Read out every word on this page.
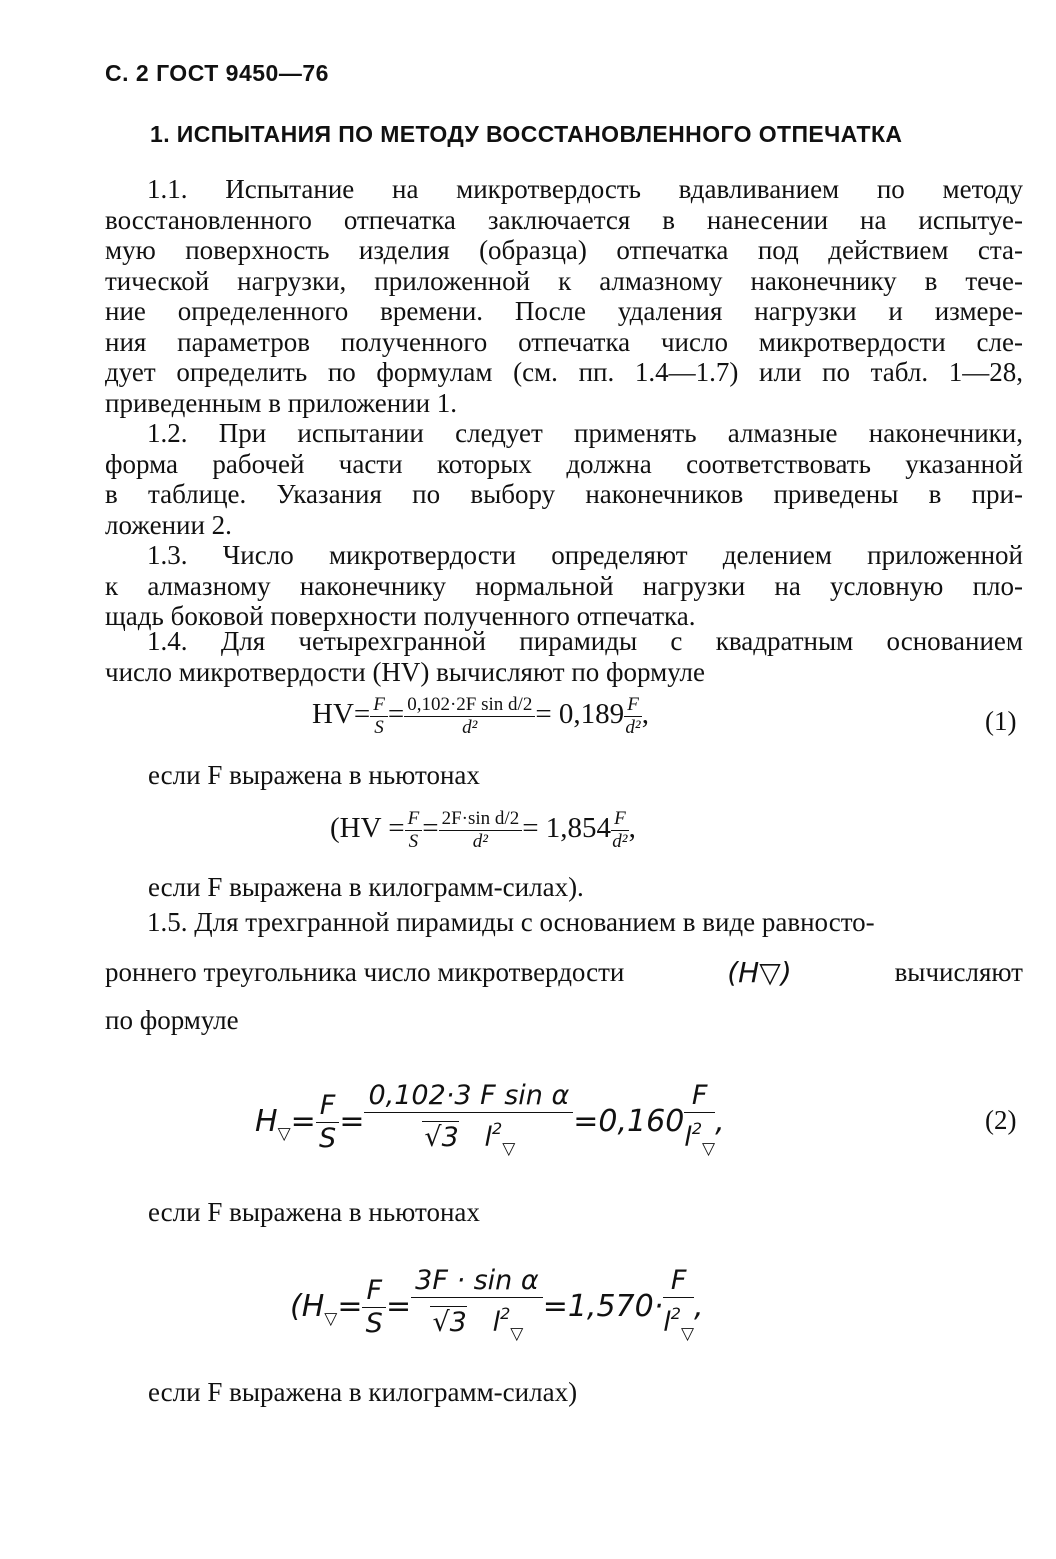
С. 2 ГОСТ 9450—76
1. ИСПЫТАНИЯ ПО МЕТОДУ ВОССТАНОВЛЕННОГО ОТПЕЧАТКА
1.1. Испытание на микротвердость вдавливанием по методу
восстановленного отпечатка заключается в нанесении на испытуе-
мую поверхность изделия (образца) отпечатка под действием ста-
тической нагрузки, приложенной к алмазному наконечнику в тече-
ние определенного времени. После удаления нагрузки и измере-
ния параметров полученного отпечатка число микротвердости сле-
дует определить по формулам (см. пп. 1.4—1.7) или по табл. 1—28,
приведенным в приложении 1.
1.2. При испытании следует применять алмазные наконечники,
форма рабочей части которых должна соответствовать указанной
в таблице. Указания по выбору наконечников приведены в при-
ложении 2.
1.3. Число микротвердости определяют делением приложенной
к алмазному наконечнику нормальной нагрузки на условную пло-
щадь боковой поверхности полученного отпечатка.
1.4. Для четырехгранной пирамиды с квадратным основанием
число микротвердости (HV) вычисляют по формуле
$HV= \frac{F}{S} = \frac{\text{0,102·2F sin d/2}}{\text{d²}} = 0,189 \frac{F}{\text{d²}}$ ,	(1)
если F выражена в ньютонах
($HV = \frac{F}{S} = \frac{\text{2F·sin d/2}}{\text{d²}} = 1,854 \frac{F}{\text{d²}}$ ,
если F выражена в килограмм-силах).
1.5. Для трехгранной пирамиды с основанием в виде равносто-
роннего треугольника число микротвердости	(H▽)	вычисляют
по формуле
$H_▽= \frac{F}{S} = \frac{\text{0,102·3 F sin α}}{√3 l^2_▽} =0,160 \frac{F}{l^2_▽}$ ,	(2)
если F выражена в ньютонах
($H_▽= \frac{F}{S} = \frac{\text{3F · sin α}}{√3 l^2_▽} =1,570\cdot \frac{F}{l^2_▽}$ ,
если F выражена в килограмм-силах)
